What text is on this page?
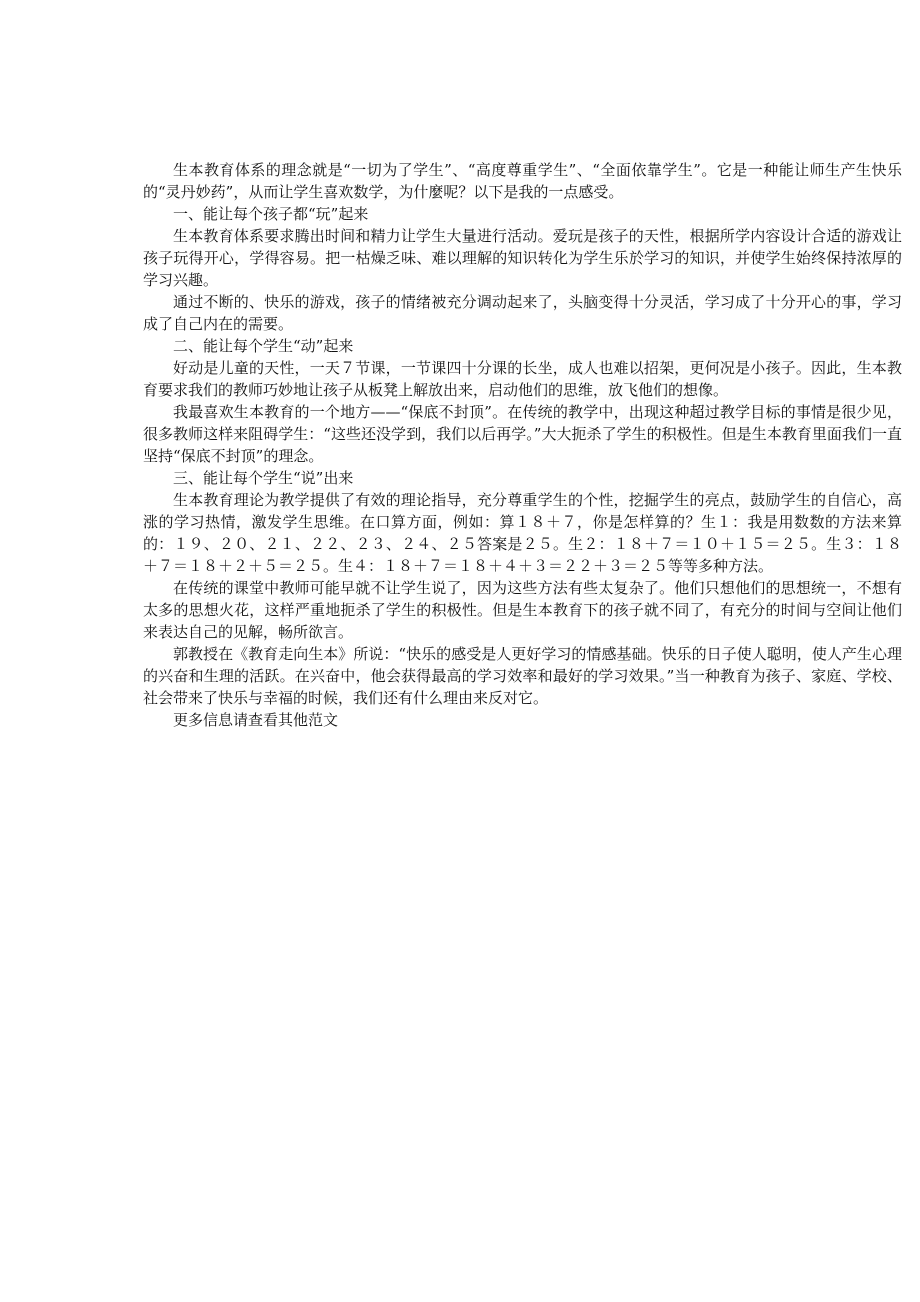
生本教育体系的理念就是“一切为了学生”、“高度尊重学生”、“全面依靠学生”。它是一种能让师生产生快乐的“灵丹妙药”，从而让学生喜欢数学，为什麼呢？以下是我的一点感受。

一、能让每个孩子都“玩”起来

生本教育体系要求腾出时间和精力让学生大量进行活动。爱玩是孩子的天性，根据所学内容设计合适的游戏让孩子玩得开心，学得容易。把一枯燥乏味、难以理解的知识转化为学生乐於学习的知识，并使学生始终保持浓厚的学习兴趣。

通过不断的、快乐的游戏，孩子的情绪被充分调动起来了，头脑变得十分灵活，学习成了十分开心的事，学习成了自己内在的需要。

二、能让每个学生“动”起来

好动是儿童的天性，一天７节课，一节课四十分课的长坐，成人也难以招架，更何况是小孩子。因此，生本教育要求我们的教师巧妙地让孩子从板凳上解放出来，启动他们的思维，放飞他们的想像。

我最喜欢生本教育的一个地方——“保底不封顶”。在传统的教学中，出现这种超过教学目标的事情是很少见，很多教师这样来阻碍学生：“这些还没学到，我们以后再学。”大大扼杀了学生的积极性。但是生本教育里面我们一直坚持“保底不封顶”的理念。

三、能让每个学生“说”出来

生本教育理论为教学提供了有效的理论指导，充分尊重学生的个性，挖掘学生的亮点，鼓励学生的自信心，高涨的学习热情，激发学生思维。在口算方面，例如：算１８＋７，你是怎样算的？生１：我是用数数的方法来算的：１９、２０、２１、２２、２３、２４、２５答案是２５。生２：１８＋７＝１０＋１５＝２５。生３：１８＋７＝１８＋２＋５＝２５。生４：１８＋７＝１８＋４＋３＝２２＋３＝２５等等多种方法。

在传统的课堂中教师可能早就不让学生说了，因为这些方法有些太复杂了。他们只想他们的思想统一，不想有太多的思想火花，这样严重地扼杀了学生的积极性。但是生本教育下的孩子就不同了，有充分的时间与空间让他们来表达自己的见解，畅所欲言。

郭教授在《教育走向生本》所说：“快乐的感受是人更好学习的情感基础。快乐的日子使人聪明，使人产生心理的兴奋和生理的活跃。在兴奋中，他会获得最高的学习效率和最好的学习效果。”当一种教育为孩子、家庭、学校、社会带来了快乐与幸福的时候，我们还有什么理由来反对它。

更多信息请查看其他范文
